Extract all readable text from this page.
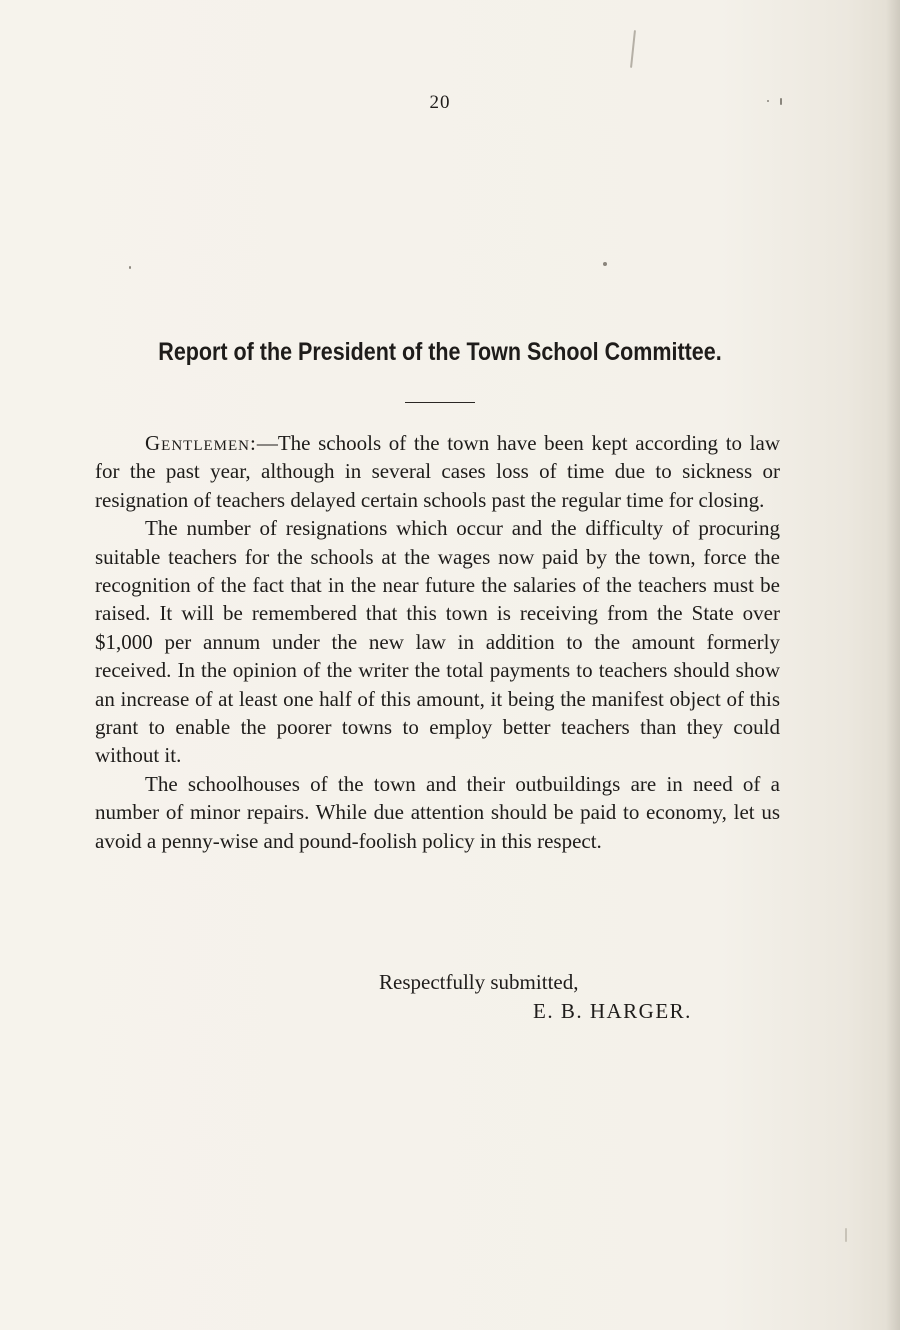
20
Report of the President of the Town School Committee.

Gentlemen:—The schools of the town have been kept according to law for the past year, although in several cases loss of time due to sickness or resignation of teachers delayed certain schools past the regular time for closing.

The number of resignations which occur and the difficulty of procuring suitable teachers for the schools at the wages now paid by the town, force the recognition of the fact that in the near future the salaries of the teachers must be raised. It will be remembered that this town is receiving from the State over $1,000 per annum under the new law in addition to the amount formerly received. In the opinion of the writer the total payments to teachers should show an increase of at least one half of this amount, it being the manifest object of this grant to enable the poorer towns to employ better teachers than they could without it.

The schoolhouses of the town and their outbuildings are in need of a number of minor repairs. While due attention should be paid to economy, let us avoid a penny-wise and pound-foolish policy in this respect.

Respectfully submitted,
E. B. HARGER.
